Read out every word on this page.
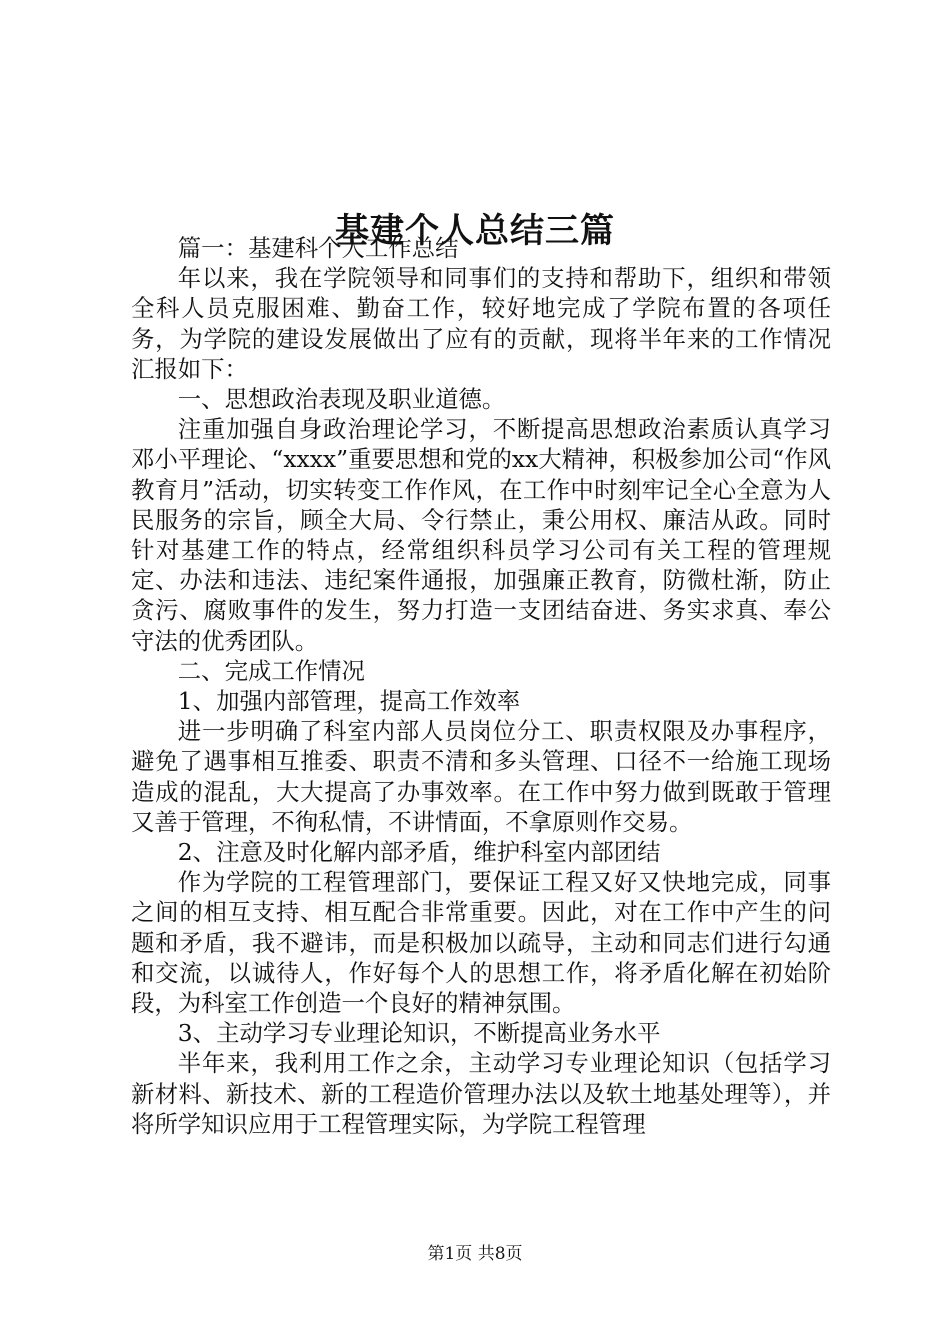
基建个人总结三篇

篇一：基建科个人工作总结

年以来，我在学院领导和同事们的支持和帮助下，组织和带领全科人员克服困难、勤奋工作，较好地完成了学院布置的各项任务，为学院的建设发展做出了应有的贡献，现将半年来的工作情况汇报如下：

一、思想政治表现及职业道德。

注重加强自身政治理论学习，不断提高思想政治素质认真学习邓小平理论、“xxxx”重要思想和党的xx大精神，积极参加公司“作风教育月”活动，切实转变工作作风，在工作中时刻牢记全心全意为人民服务的宗旨，顾全大局、令行禁止，秉公用权、廉洁从政。同时针对基建工作的特点，经常组织科员学习公司有关工程的管理规定、办法和违法、违纪案件通报，加强廉正教育，防微杜渐，防止贪污、腐败事件的发生，努力打造一支团结奋进、务实求真、奉公守法的优秀团队。

二、完成工作情况

1、加强内部管理，提高工作效率

进一步明确了科室内部人员岗位分工、职责权限及办事程序，避免了遇事相互推委、职责不清和多头管理、口径不一给施工现场造成的混乱，大大提高了办事效率。在工作中努力做到既敢于管理又善于管理，不徇私情，不讲情面，不拿原则作交易。

2、注意及时化解内部矛盾，维护科室内部团结

作为学院的工程管理部门，要保证工程又好又快地完成，同事之间的相互支持、相互配合非常重要。因此，对在工作中产生的问题和矛盾，我不避讳，而是积极加以疏导，主动和同志们进行勾通和交流，以诚待人，作好每个人的思想工作，将矛盾化解在初始阶段，为科室工作创造一个良好的精神氛围。

3、主动学习专业理论知识，不断提高业务水平

半年来，我利用工作之余，主动学习专业理论知识（包括学习新材料、新技术、新的工程造价管理办法以及软土地基处理等），并将所学知识应用于工程管理实际，为学院工程管理

第1页 共8页
